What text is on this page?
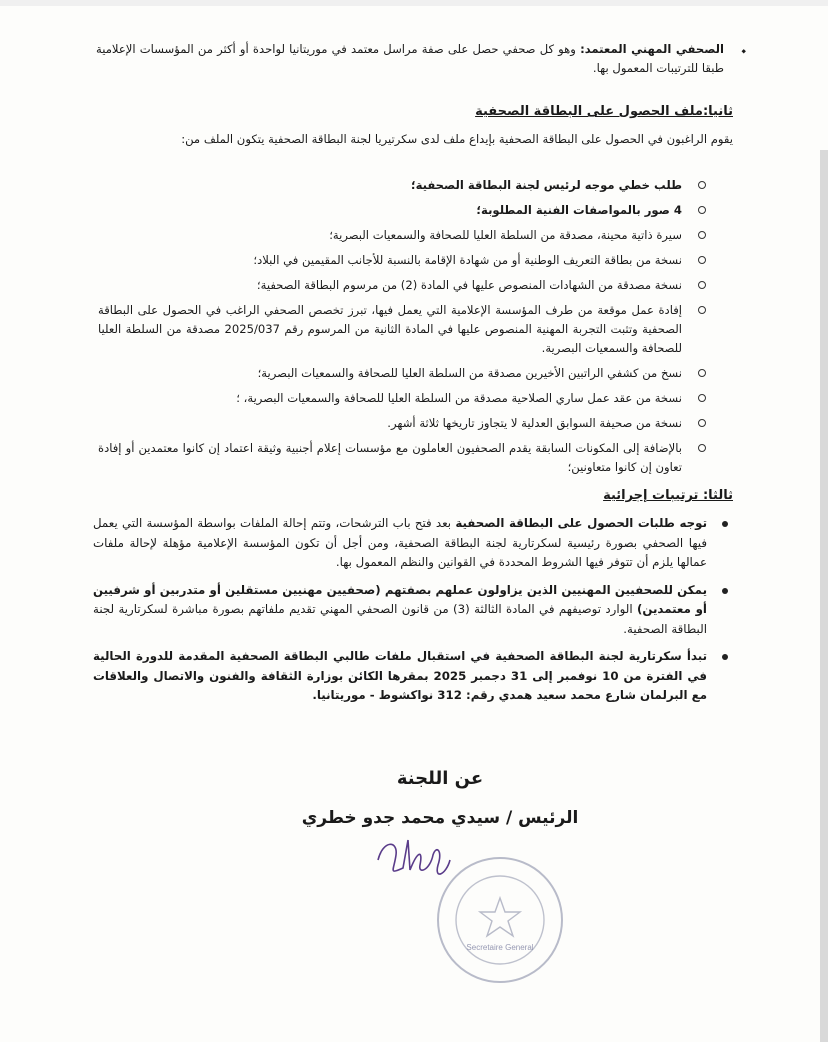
⬩
الصحفي المهني المعتمد: وهو كل صحفي حصل على صفة مراسل معتمد في موريتانيا لواحدة أو أكثر من المؤسسات الإعلامية طبقا للترتيبات المعمول بها.

ثانيا:ملف الحصول على البطاقة الصحفية

يقوم الراغبون في الحصول على البطاقة الصحفية بإيداع ملف لدى سكرتيريا لجنة البطاقة الصحفية يتكون الملف من:

طلب خطي موجه لرئيس لجنة البطاقة الصحفية؛
4 صور بالمواصفات الفنية المطلوبة؛
سيرة ذاتية محينة، مصدقة من السلطة العليا للصحافة والسمعيات البصرية؛
نسخة من بطاقة التعريف الوطنية أو من شهادة الإقامة بالنسبة للأجانب المقيمين في البلاد؛
نسخة مصدقة من الشهادات المنصوص عليها في المادة (2) من مرسوم البطاقة الصحفية؛
إفادة عمل موقعة من طرف المؤسسة الإعلامية التي يعمل فيها، تبرز تخصص الصحفي الراغب في الحصول على البطاقة الصحفية وتثبت التجربة المهنية المنصوص عليها في المادة الثانية من المرسوم رقم 2025/037 مصدقة من السلطة العليا للصحافة والسمعيات البصرية.
نسخ من كشفي الراتبين الأخيرين مصدقة من السلطة العليا للصحافة والسمعيات البصرية؛
نسخة من عقد عمل ساري الصلاحية مصدقة من السلطة العليا للصحافة والسمعيات البصرية، ؛
نسخة من صحيفة السوابق العدلية لا يتجاوز تاريخها ثلاثة أشهر.
بالإضافة إلى المكونات السابقة يقدم الصحفيون العاملون مع مؤسسات إعلام أجنبية وثيقة اعتماد إن كانوا معتمدين أو إفادة تعاون إن كانوا متعاونين؛

ثالثا: ترتيبات إجرائية

توجه طلبات الحصول على البطاقة الصحفية بعد فتح باب الترشحات، وتتم إحالة الملفات بواسطة المؤسسة التي يعمل فيها الصحفي بصورة رئيسية لسكرتارية لجنة البطاقة الصحفية، ومن أجل أن تكون المؤسسة الإعلامية مؤهلة لإحالة ملفات عمالها يلزم أن تتوفر فيها الشروط المحددة في القوانين والنظم المعمول بها.
يمكن للصحفيين المهنيين الذين يزاولون عملهم بصفتهم (صحفيين مهنيين مستقلين أو متدربين أو شرفيين أو معتمدين) الوارد توصيفهم في المادة الثالثة (3) من قانون الصحفي المهني تقديم ملفاتهم بصورة مباشرة لسكرتارية لجنة البطاقة الصحفية.
تبدأ سكرتارية لجنة البطاقة الصحفية في استقبال ملفات طالبي البطاقة الصحفية المقدمة للدورة الحالية في الفترة من 10 نوفمبر إلى 31 دجمبر 2025 بمقرها الكائن بوزارة الثقافة والفنون والاتصال والعلاقات مع البرلمان شارع محمد سعيد همدي رقم: 312 نواكشوط - موريتانيا.

عن اللجنة

الرئيس / سيدي محمد جدو خطري

Secretaire General
